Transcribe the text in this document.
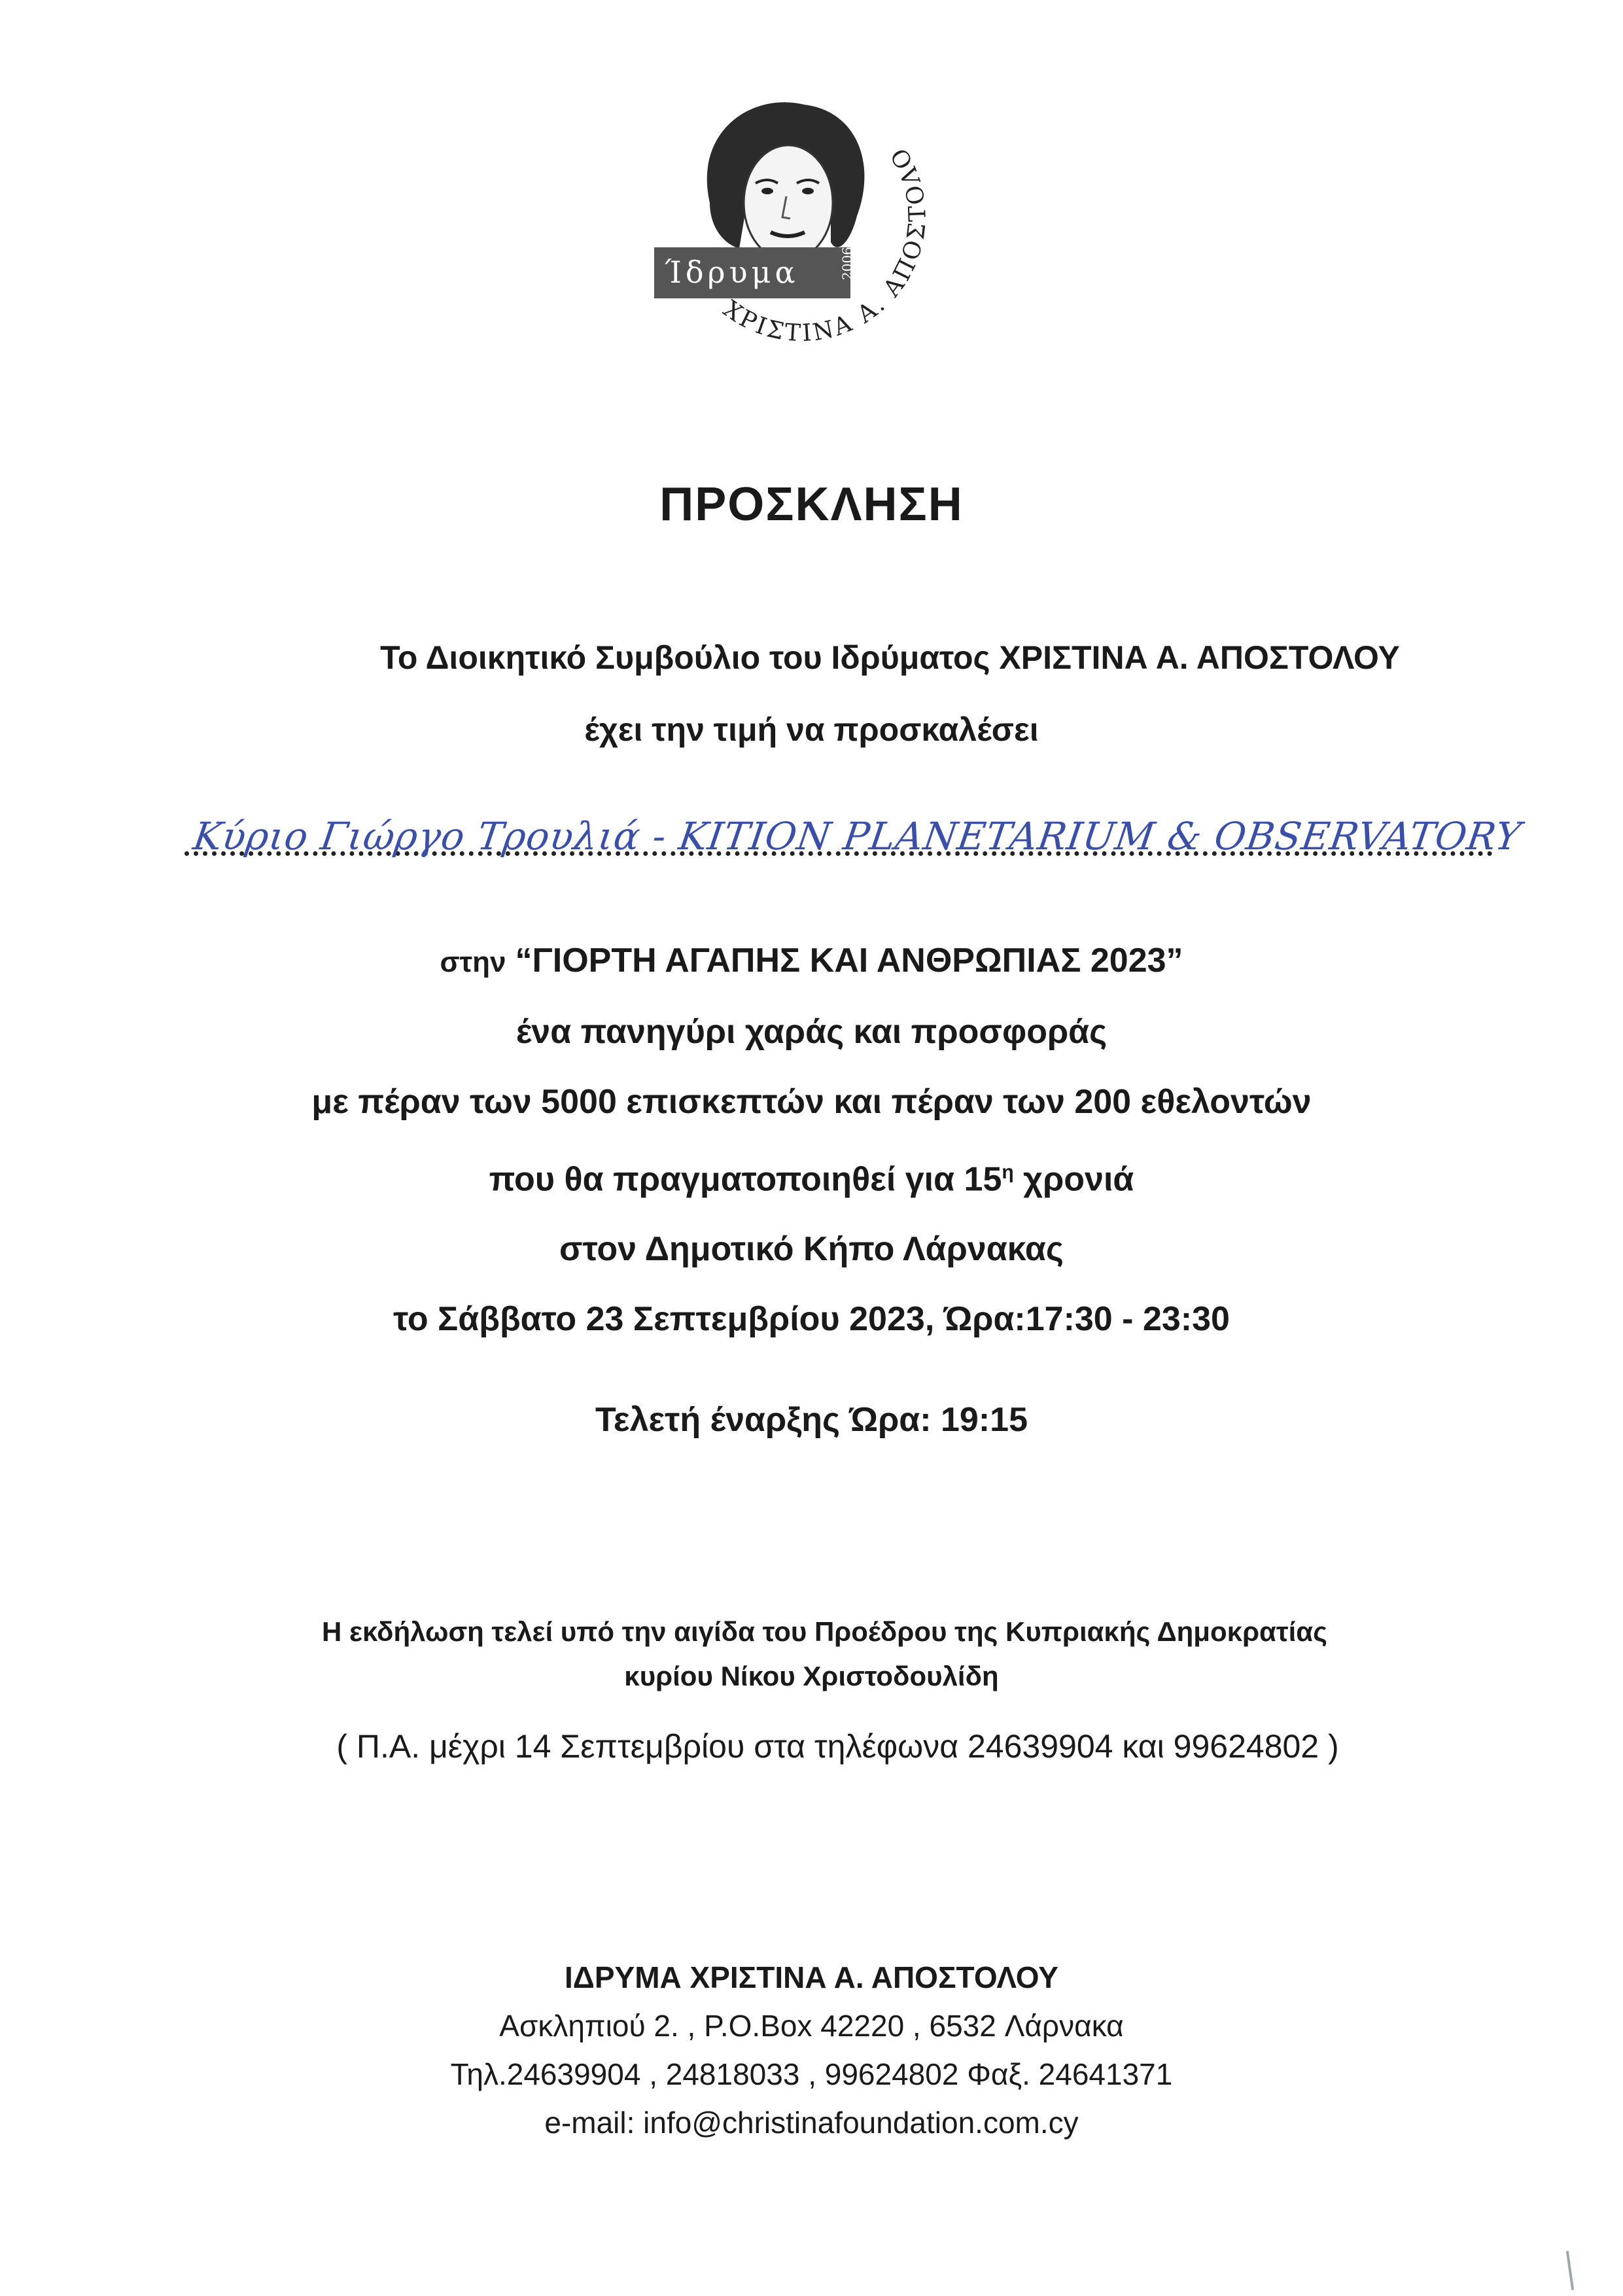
Ίδρυμα	2006
ΧΡΙΣΤΙΝΑ Α. ΑΠΟΣΤΟΛΟ
ΠΡΟΣΚΛΗΣΗ
Το Διοικητικό Συμβούλιο του Ιδρύματος ΧΡΙΣΤΙΝΑ Α. ΑΠΟΣΤΟΛΟΥ
έχει την τιμή να προσκαλέσει
Κύριο Γιώργο Τρουλιά - ΚΙΤΙΟΝ PLANETARIUM & OBSERVATORY
στην “ΓΙΟΡΤΗ ΑΓΑΠΗΣ ΚΑΙ ΑΝΘΡΩΠΙΑΣ 2023”
ένα πανηγύρι χαράς και προσφοράς
με πέραν των 5000 επισκεπτών και πέραν των 200 εθελοντών
που θα πραγματοποιηθεί για $15^\eta$ χρονιά
στον Δημοτικό Κήπο Λάρνακας
το Σάββατο 23 Σεπτεμβρίου 2023, Ώρα:17:30 - 23:30
Τελετή έναρξης Ώρα: 19:15
Η εκδήλωση τελεί υπό την αιγίδα του Προέδρου της Κυπριακής Δημοκρατίας
κυρίου Νίκου Χριστοδουλίδη
( Π.Α. μέχρι 14 Σεπτεμβρίου στα τηλέφωνα 24639904 και 99624802 )
ΙΔΡΥΜΑ ΧΡΙΣΤΙΝΑ Α. ΑΠΟΣΤΟΛΟΥ
Ασκληπιού 2. , P.O.Box 42220 , 6532 Λάρνακα
Τηλ.24639904 , 24818033 , 99624802 Φαξ. 24641371
e-mail: info@christinafoundation.com.cy
